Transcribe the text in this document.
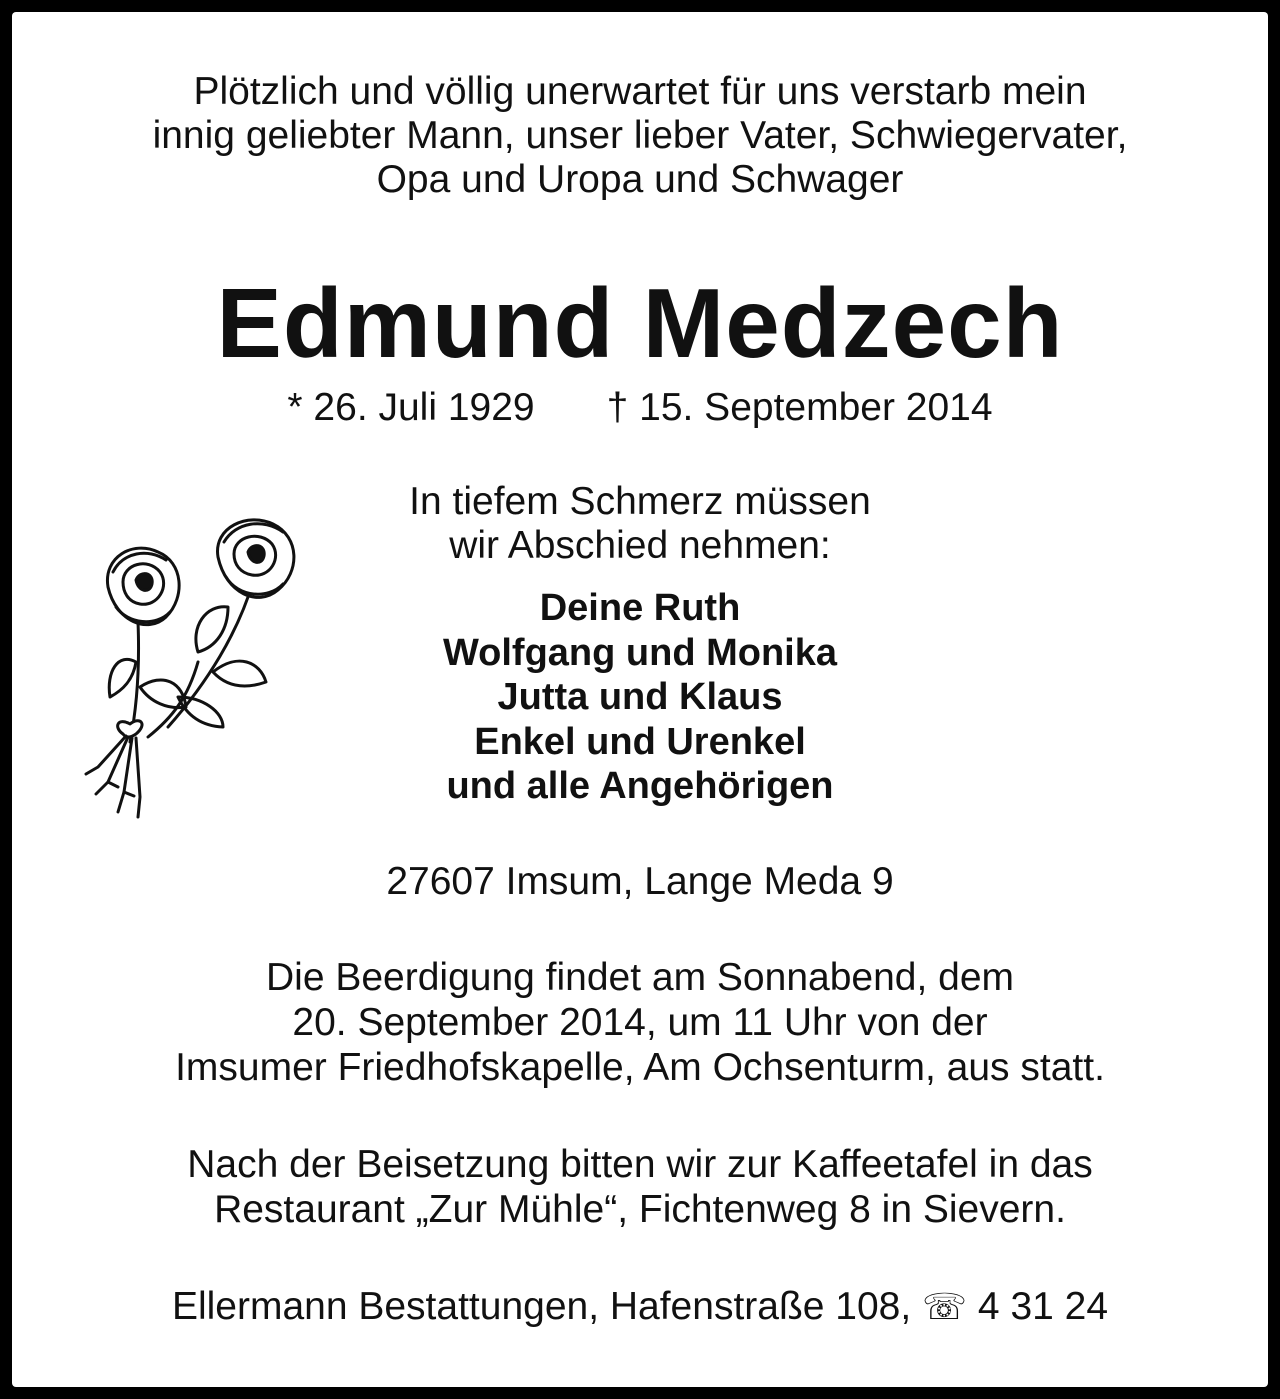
Plötzlich und völlig unerwartet für uns verstarb mein
innig geliebter Mann, unser lieber Vater, Schwiegervater,
Opa und Uropa und Schwager
Edmund Medzech
* 26. Juli 1929 † 15. September 2014
In tiefem Schmerz müssen
wir Abschied nehmen:
Deine Ruth
Wolfgang und Monika
Jutta und Klaus
Enkel und Urenkel
und alle Angehörigen
27607 Imsum, Lange Meda 9
Die Beerdigung findet am Sonnabend, dem
20. September 2014, um 11 Uhr von der
Imsumer Friedhofskapelle, Am Ochsenturm, aus statt.
Nach der Beisetzung bitten wir zur Kaffeetafel in das
Restaurant „Zur Mühle“, Fichtenweg 8 in Sievern.
Ellermann Bestattungen, Hafenstraße 108, ☏ 4 31 24
